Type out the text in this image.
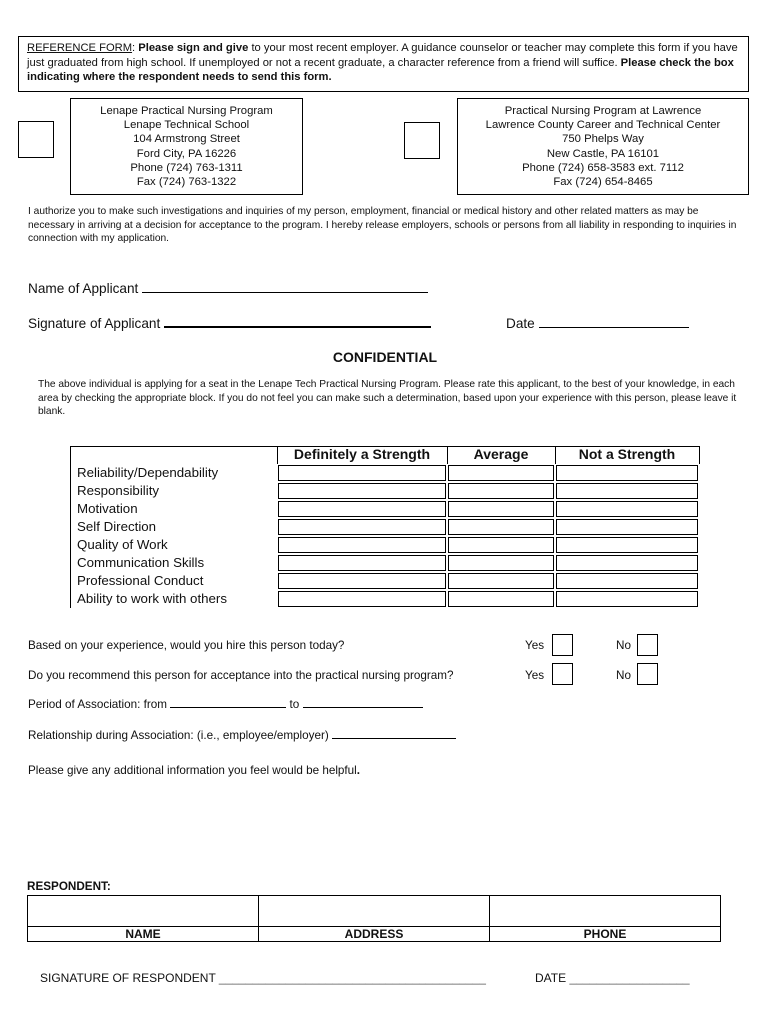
REFERENCE FORM: Please sign and give to your most recent employer. A guidance counselor or teacher may complete this form if you have just graduated from high school. If unemployed or not a recent graduate, a character reference from a friend will suffice. Please check the box indicating where the respondent needs to send this form.
Lenape Practical Nursing Program
Lenape Technical School
104 Armstrong Street
Ford City, PA 16226
Phone (724) 763-1311
Fax (724) 763-1322
Practical Nursing Program at Lawrence
Lawrence County Career and Technical Center
750 Phelps Way
New Castle, PA 16101
Phone (724) 658-3583 ext. 7112
Fax (724) 654-8465
I authorize you to make such investigations and inquiries of my person, employment, financial or medical history and other related matters as may be necessary in arriving at a decision for acceptance to the program. I hereby release employers, schools or persons from all liability in responding to inquiries in connection with my application.
Name of Applicant
Signature of Applicant	Date
CONFIDENTIAL
The above individual is applying for a seat in the Lenape Tech Practical Nursing Program. Please rate this applicant, to the best of your knowledge, in each area by checking the appropriate block. If you do not feel you can make such a determination, based upon your experience with this person, please leave it blank.
Definitely a Strength	Average	Not a Strength
Reliability/Dependability
Responsibility
Motivation
Self Direction
Quality of Work
Communication Skills
Professional Conduct
Ability to work with others
Based on your experience, would you hire this person today?	Yes	No
Do you recommend this person for acceptance into the practical nursing program?	Yes	No
Period of Association: from	to
Relationship during Association: (i.e., employee/employer)
Please give any additional information you feel would be helpful.
RESPONDENT:

NAME	ADDRESS	PHONE
SIGNATURE OF RESPONDENT ________________________________________	DATE __________________
